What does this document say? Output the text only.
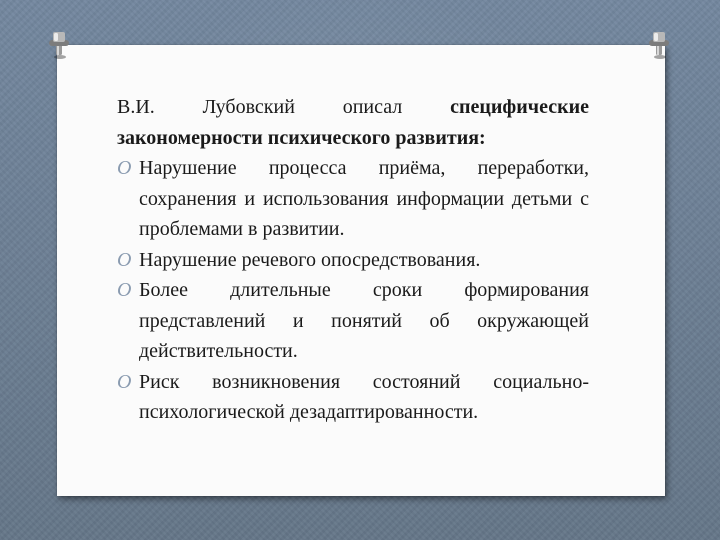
В.И. Лубовский описал специфические закономерности психического развития:

O Нарушение процесса приёма, переработки, сохранения и использования информации детьми с проблемами в развитии.
O Нарушение речевого опосредствования.
O Более длительные сроки формирования представлений и понятий об окружающей действительности.
O Риск возникновения состояний социально-психологической дезадаптированности.
